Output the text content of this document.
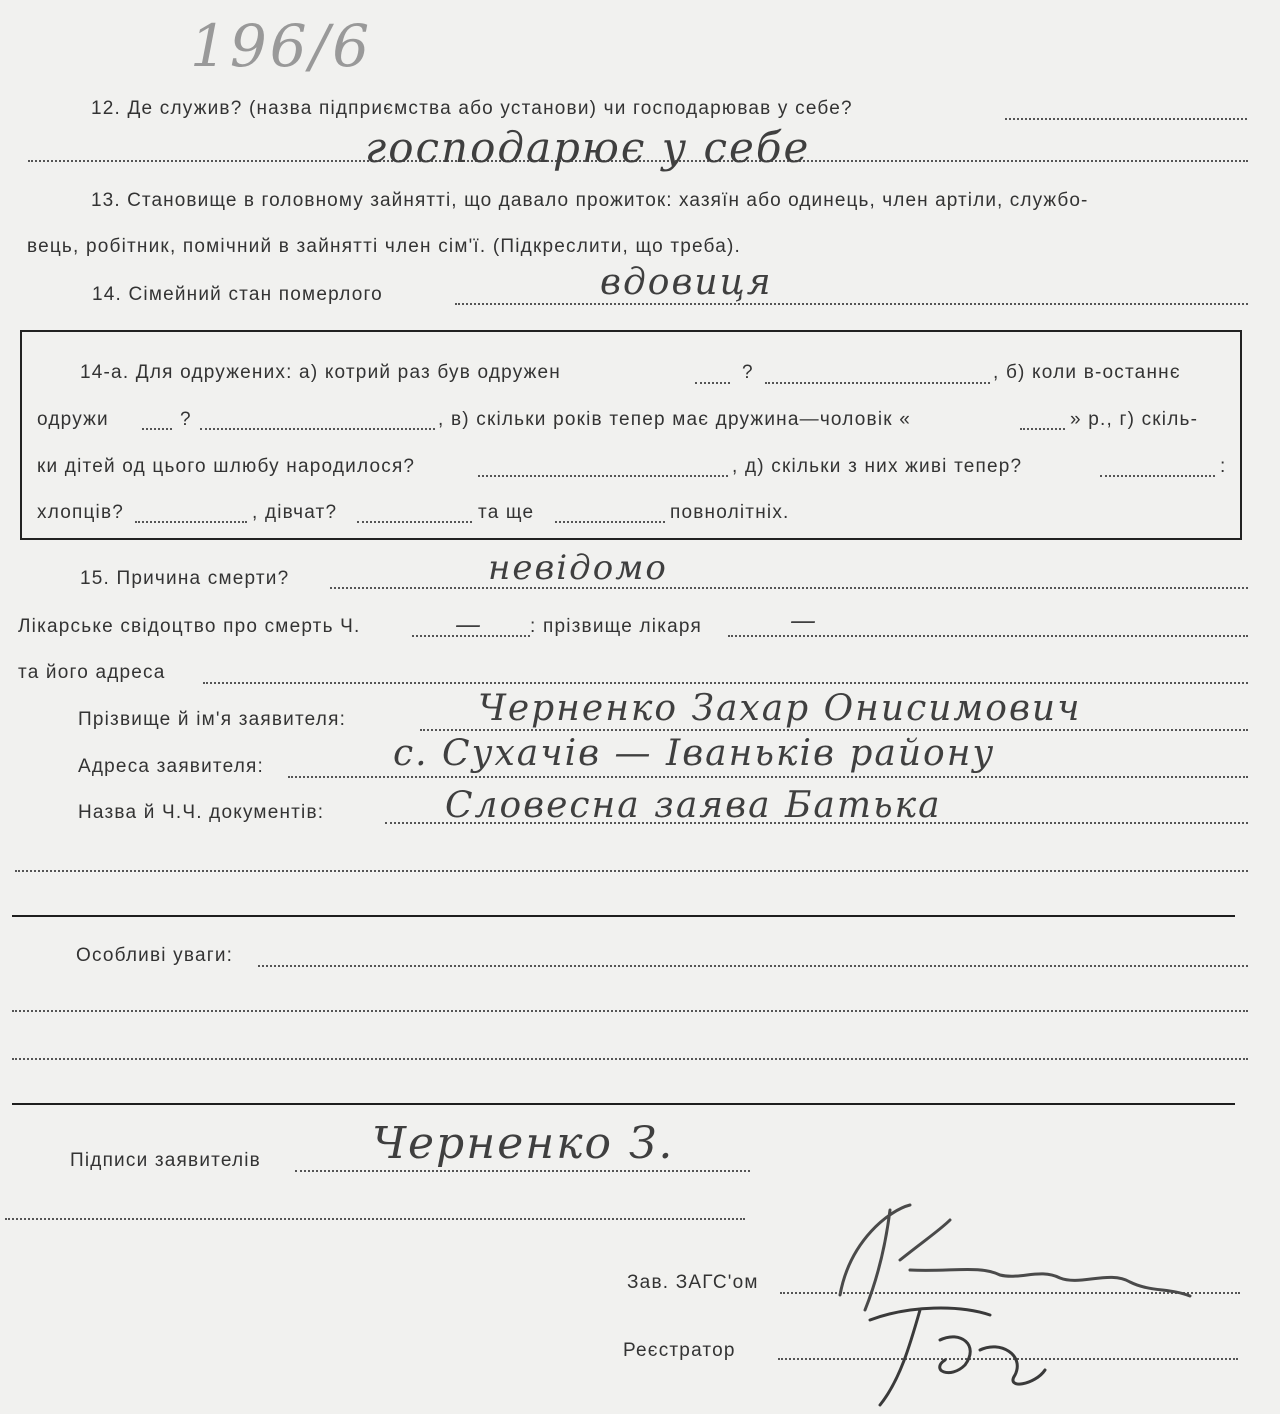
196/6
12. Де служив? (назва підприємства або установи) чи господарював у себе?
господарює у себе
13. Становище в головному зайнятті, що давало прожиток: хазяїн або одинець, член артіли, службо-
вець, робітник, помічний в зайнятті член сім'ї. (Підкреслити, що треба).
14. Сімейний стан померлого	вдовиця
14-а. Для одружених: а) котрий раз був одружен	?	, б) коли в-останнє
одружи	?	, в) скільки років тепер має дружина—чоловік «	» р., г) скіль-
ки дітей од цього шлюбу народилося?	, д) скільки з них живі тепер?	:
хлопців?	, дівчат?	та ще	повнолітніх.
15. Причина смерти?	невідомо
Лікарське свідоцтво про смерть Ч.	— : прізвище лікаря	—
та його адреса
Прізвище й ім'я заявителя:	Черненко Захар Онисимович
Адреса заявителя:	с. Сухачів — Іваньків району
Назва й Ч.Ч. документів:	Словесна заява Батька
Особливі уваги:
Підписи заявителів	Черненко З.
Зав. ЗАГС'ом
Реєстратор
